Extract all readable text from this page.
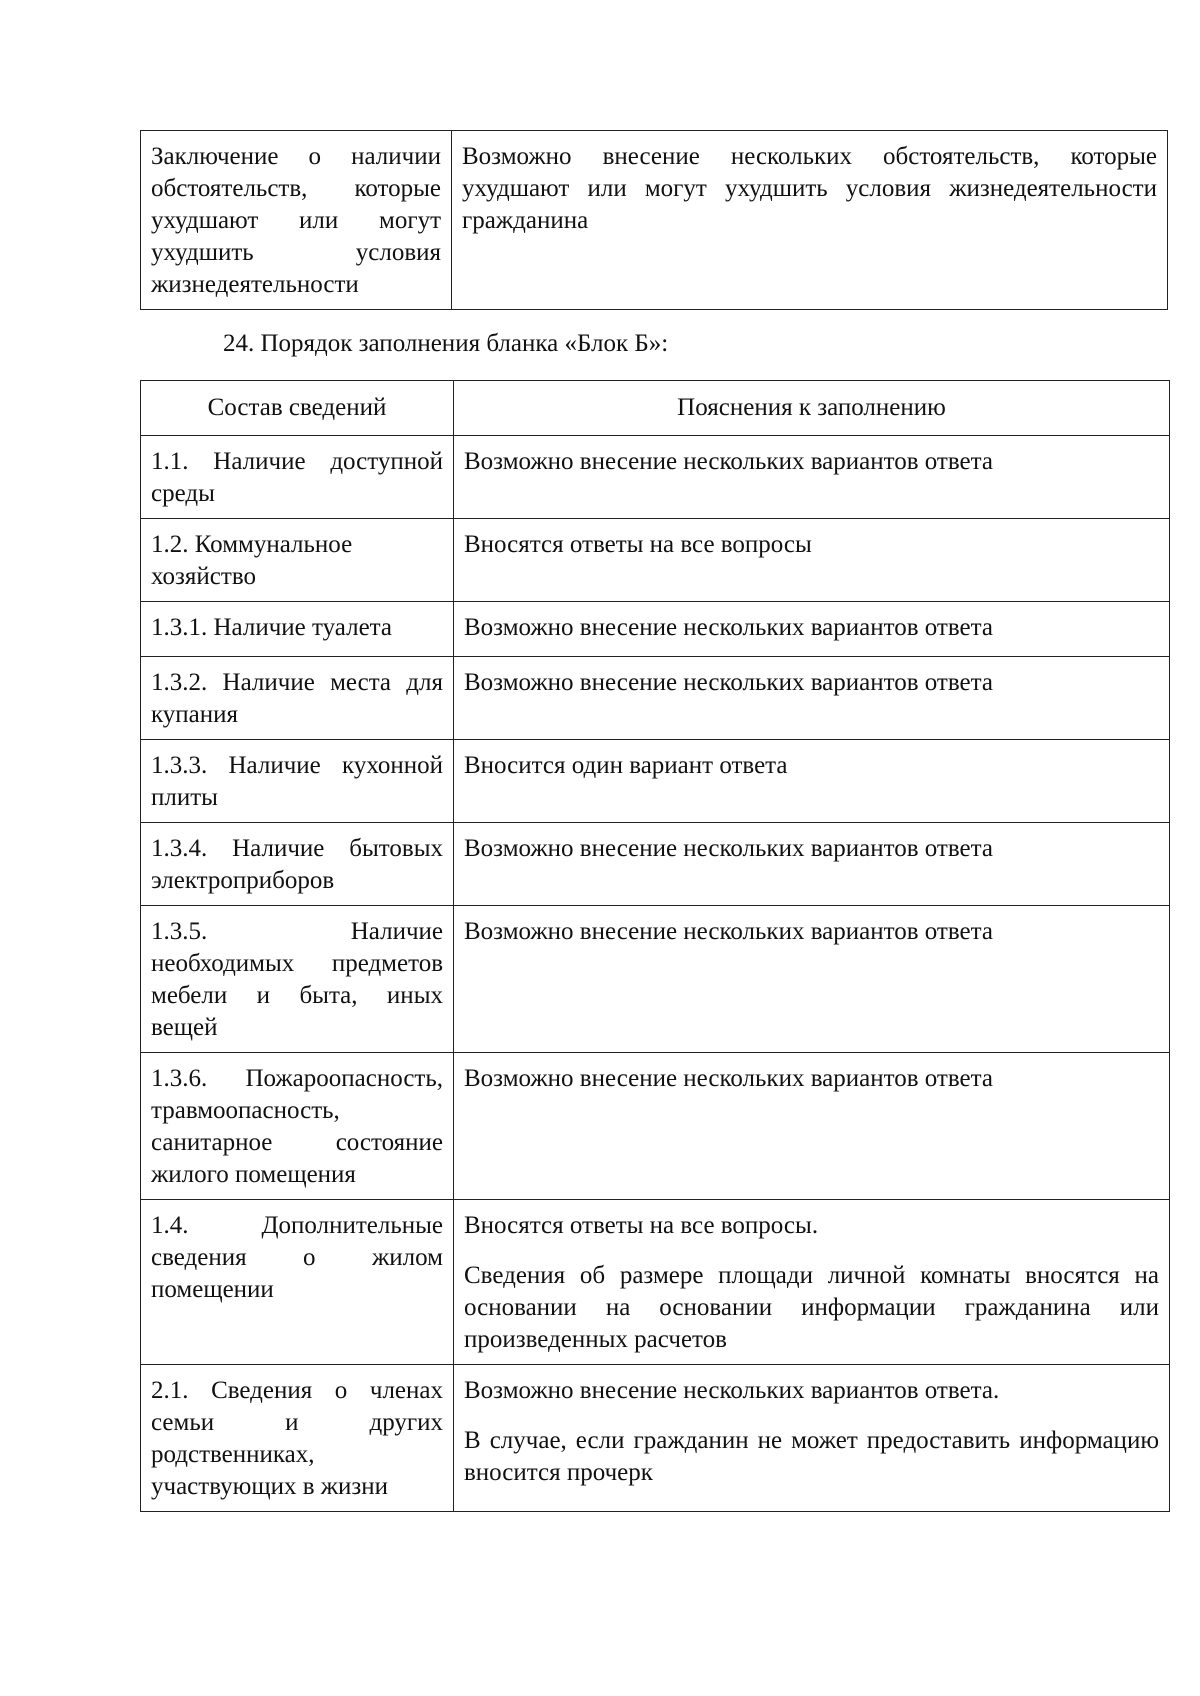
Заключение о наличии обстоятельств, которые ухудшают или могут ухудшить условия жизнедеятельности	Возможно внесение нескольких обстоятельств, которые ухудшают или могут ухудшить условия жизнедеятельности гражданина
24. Порядок заполнения бланка «Блок Б»:
Состав сведений	Пояснения к заполнению
1.1. Наличие доступной среды	Возможно внесение нескольких вариантов ответа
1.2. Коммунальное хозяйство	Вносятся ответы на все вопросы
1.3.1. Наличие туалета	Возможно внесение нескольких вариантов ответа
1.3.2. Наличие места для купания	Возможно внесение нескольких вариантов ответа
1.3.3. Наличие кухонной плиты	Вносится один вариант ответа
1.3.4. Наличие бытовых электроприборов	Возможно внесение нескольких вариантов ответа
1.3.5. Наличие необходимых предметов мебели и быта, иных вещей	Возможно внесение нескольких вариантов ответа
1.3.6. Пожароопасность, травмоопасность, санитарное состояние жилого помещения	Возможно внесение нескольких вариантов ответа
1.4. Дополнительные сведения о жилом помещении	Вносятся ответы на все вопросы.
Сведения об размере площади личной комнаты вносятся на основании на основании информации гражданина или произведенных расчетов

2.1. Сведения о членах семьи и других родственниках, участвующих в жизни	Возможно внесение нескольких вариантов ответа.
В случае, если гражданин не может предоставить информацию вносится прочерк
